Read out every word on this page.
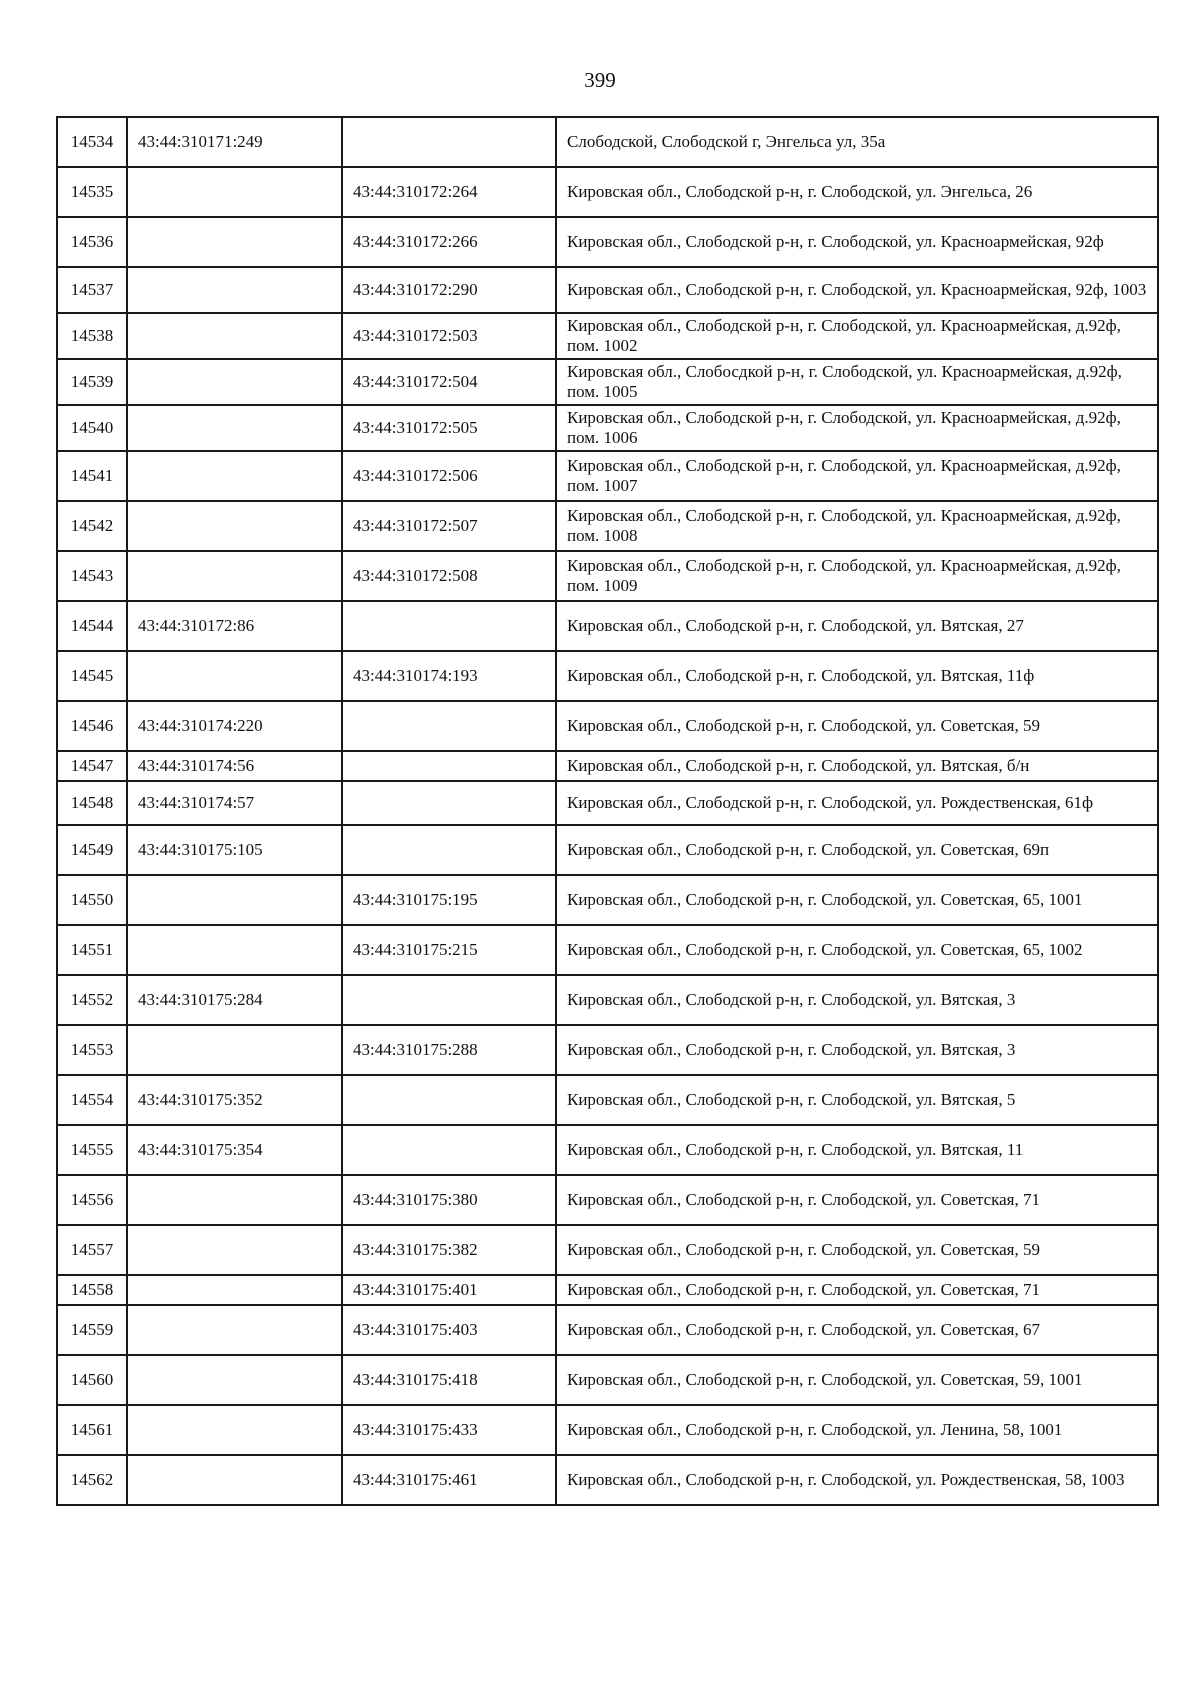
399
14534	43:44:310171:249		Слободской, Слободской г, Энгельса ул, 35а
14535		43:44:310172:264	Кировская обл., Слободской р-н, г. Слободской, ул. Энгельса, 26
14536		43:44:310172:266	Кировская обл., Слободской р-н, г. Слободской, ул. Красноармейская, 92ф
14537		43:44:310172:290	Кировская обл., Слободской р-н, г. Слободской, ул. Красноармейская, 92ф, 1003
14538		43:44:310172:503	Кировская обл., Слободской р-н, г. Слободской, ул. Красноармейская, д.92ф, пом. 1002
14539		43:44:310172:504	Кировская обл., Слобосдкой р-н, г. Слободской, ул. Красноармейская, д.92ф, пом. 1005
14540		43:44:310172:505	Кировская обл., Слободской р-н, г. Слободской, ул. Красноармейская, д.92ф, пом. 1006
14541		43:44:310172:506	Кировская обл., Слободской р-н, г. Слободской, ул. Красноармейская, д.92ф, пом. 1007
14542		43:44:310172:507	Кировская обл., Слободской р-н, г. Слободской, ул. Красноармейская, д.92ф, пом. 1008
14543		43:44:310172:508	Кировская обл., Слободской р-н, г. Слободской, ул. Красноармейская, д.92ф, пом. 1009
14544	43:44:310172:86		Кировская обл., Слободской р-н, г. Слободской, ул. Вятская, 27
14545		43:44:310174:193	Кировская обл., Слободской р-н, г. Слободской, ул. Вятская, 11ф
14546	43:44:310174:220		Кировская обл., Слободской р-н, г. Слободской, ул. Советская, 59
14547	43:44:310174:56		Кировская обл., Слободской р-н, г. Слободской, ул. Вятская, б/н
14548	43:44:310174:57		Кировская обл., Слободской р-н, г. Слободской, ул. Рождественская, 61ф
14549	43:44:310175:105		Кировская обл., Слободской р-н, г. Слободской, ул. Советская, 69п
14550		43:44:310175:195	Кировская обл., Слободской р-н, г. Слободской, ул. Советская, 65, 1001
14551		43:44:310175:215	Кировская обл., Слободской р-н, г. Слободской, ул. Советская, 65, 1002
14552	43:44:310175:284		Кировская обл., Слободской р-н, г. Слободской, ул. Вятская, 3
14553		43:44:310175:288	Кировская обл., Слободской р-н, г. Слободской, ул. Вятская, 3
14554	43:44:310175:352		Кировская обл., Слободской р-н, г. Слободской, ул. Вятская, 5
14555	43:44:310175:354		Кировская обл., Слободской р-н, г. Слободской, ул. Вятская, 11
14556		43:44:310175:380	Кировская обл., Слободской р-н, г. Слободской, ул. Советская, 71
14557		43:44:310175:382	Кировская обл., Слободской р-н, г. Слободской, ул. Советская, 59
14558		43:44:310175:401	Кировская обл., Слободской р-н, г. Слободской, ул. Советская, 71
14559		43:44:310175:403	Кировская обл., Слободской р-н, г. Слободской, ул. Советская, 67
14560		43:44:310175:418	Кировская обл., Слободской р-н, г. Слободской, ул. Советская, 59, 1001
14561		43:44:310175:433	Кировская обл., Слободской р-н, г. Слободской, ул. Ленина, 58, 1001
14562		43:44:310175:461	Кировская обл., Слободской р-н, г. Слободской, ул. Рождественская, 58, 1003
